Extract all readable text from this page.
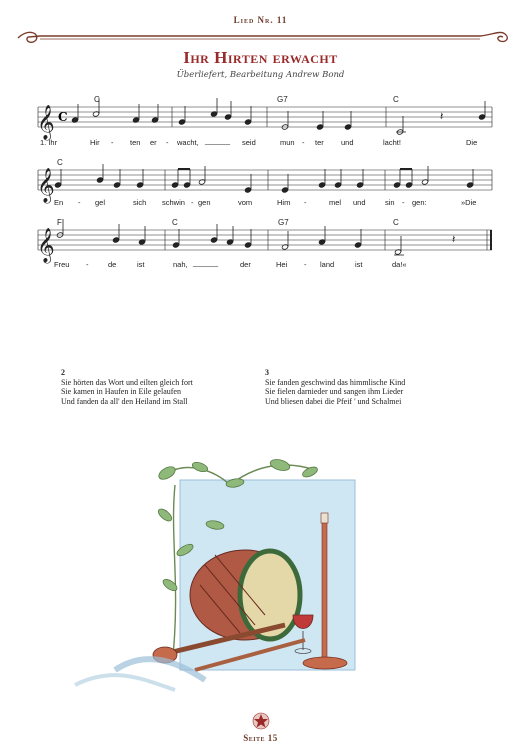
Lied Nr. 11
Ihr Hirten erwacht
Überliefert, Bearbeitung Andrew Bond
𝄞
𝄞
𝄞
C	𝄽
𝄽
C	G7	C
C
F	C	G7	C
1. Ihr	Hir - ten er - wacht, ______ seid	mun - ter und	lacht!	Die
En - gel	sich schwin - gen	vom	Him -	mel und	sin - gen:	»Die
Freu -	de	ist	nah, ______	der	Hei - land	ist	da!«
2
Sie hörten das Wort und eilten gleich fort
Sie kamen in Haufen in Eile gelaufen
Und fanden da all' den Heiland im Stall
3
Sie fanden geschwind das himmlische Kind
Sie fielen darnieder und sangen ihm Lieder
Und bliesen dabei die Pfeif ' und Schalmei
Seite 15
